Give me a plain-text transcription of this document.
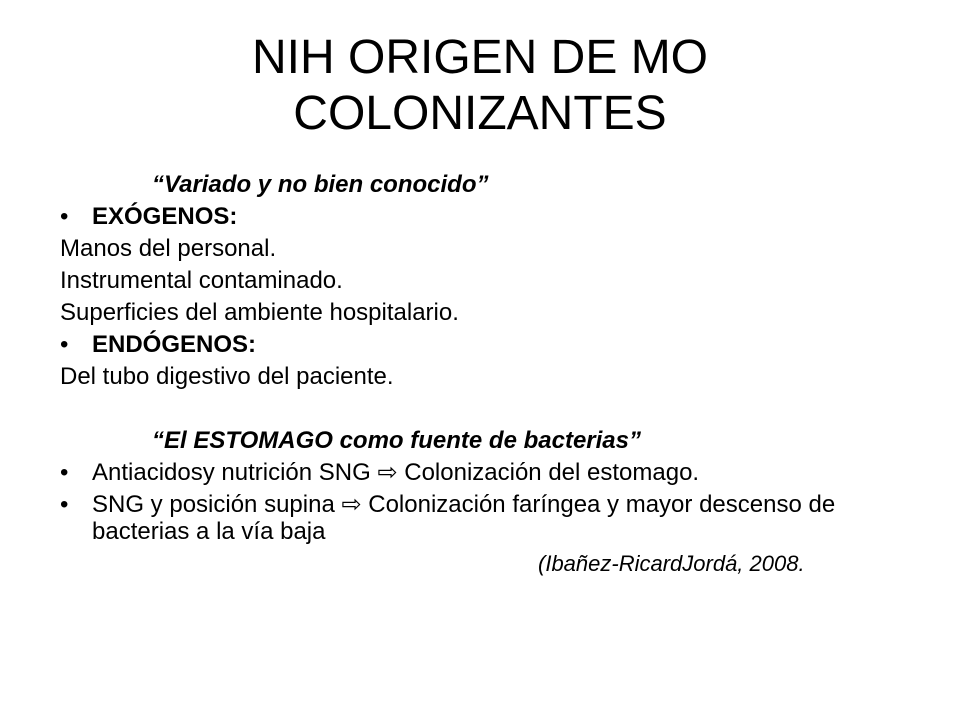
NIH ORIGEN DE MO
COLONIZANTES
“Variado y no bien conocido”
• EXÓGENOS:
Manos del personal.
Instrumental contaminado.
Superficies del ambiente hospitalario.
• ENDÓGENOS:
Del tubo digestivo del paciente.
“El ESTOMAGO como fuente de bacterias”
• Antiacidosy nutrición SNG ⇨ Colonización del estomago.
• SNG y posición supina ⇨ Colonización faríngea y mayor descenso de bacterias a la vía baja
(Ibañez-RicardJordá, 2008.
